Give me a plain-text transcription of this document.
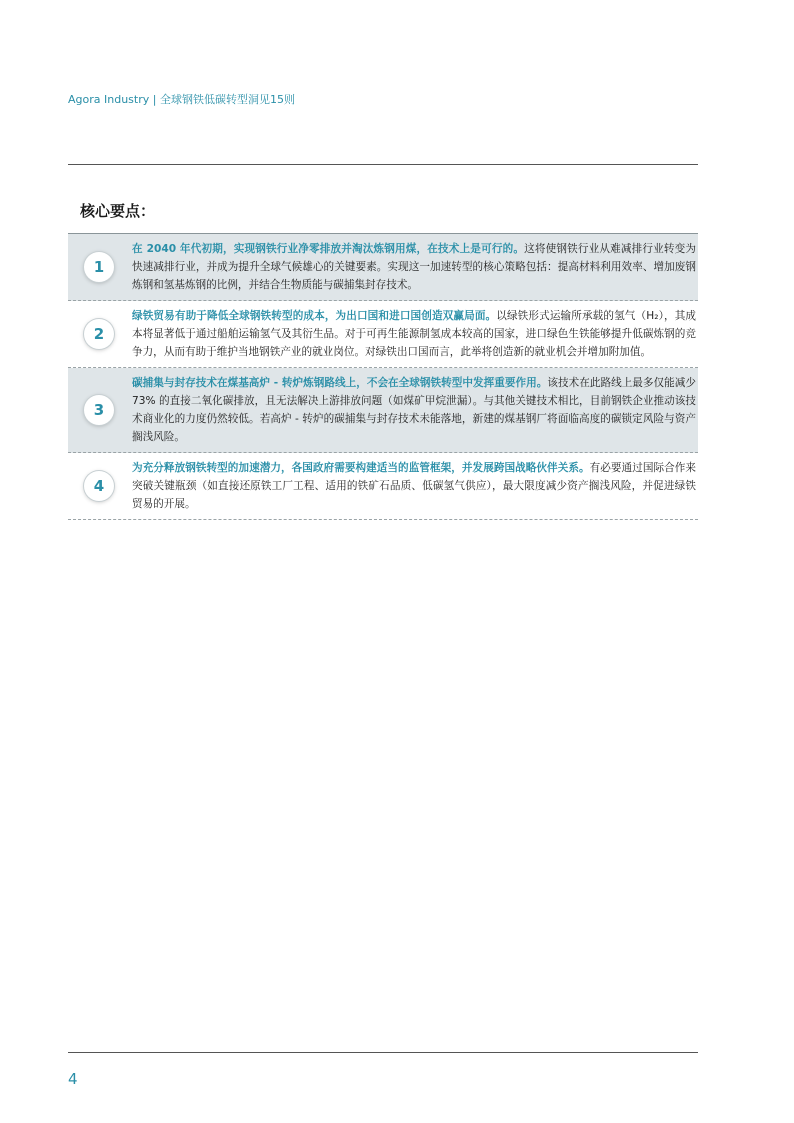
Agora Industry | 全球钢铁低碳转型洞见15则
核心要点：
1
在 2040 年代初期，实现钢铁行业净零排放并淘汰炼钢用煤，在技术上是可行的。这将使钢铁行业从难减排行业转变为快速减排行业，并成为提升全球气候雄心的关键要素。实现这一加速转型的核心策略包括：提高材料利用效率、增加废钢炼钢和氢基炼钢的比例，并结合生物质能与碳捕集封存技术。
2
绿铁贸易有助于降低全球钢铁转型的成本，为出口国和进口国创造双赢局面。以绿铁形式运输所承载的氢气（H₂），其成本将显著低于通过船舶运输氢气及其衍生品。对于可再生能源制氢成本较高的国家，进口绿色生铁能够提升低碳炼钢的竞争力，从而有助于维护当地钢铁产业的就业岗位。对绿铁出口国而言，此举将创造新的就业机会并增加附加值。
3
碳捕集与封存技术在煤基高炉 - 转炉炼钢路线上，不会在全球钢铁转型中发挥重要作用。该技术在此路线上最多仅能减少 73% 的直接二氧化碳排放，且无法解决上游排放问题（如煤矿甲烷泄漏）。与其他关键技术相比，目前钢铁企业推动该技术商业化的力度仍然较低。若高炉 - 转炉的碳捕集与封存技术未能落地，新建的煤基钢厂将面临高度的碳锁定风险与资产搁浅风险。
4
为充分释放钢铁转型的加速潜力，各国政府需要构建适当的监管框架，并发展跨国战略伙伴关系。有必要通过国际合作来突破关键瓶颈（如直接还原铁工厂工程、适用的铁矿石品质、低碳氢气供应），最大限度减少资产搁浅风险，并促进绿铁贸易的开展。
4
